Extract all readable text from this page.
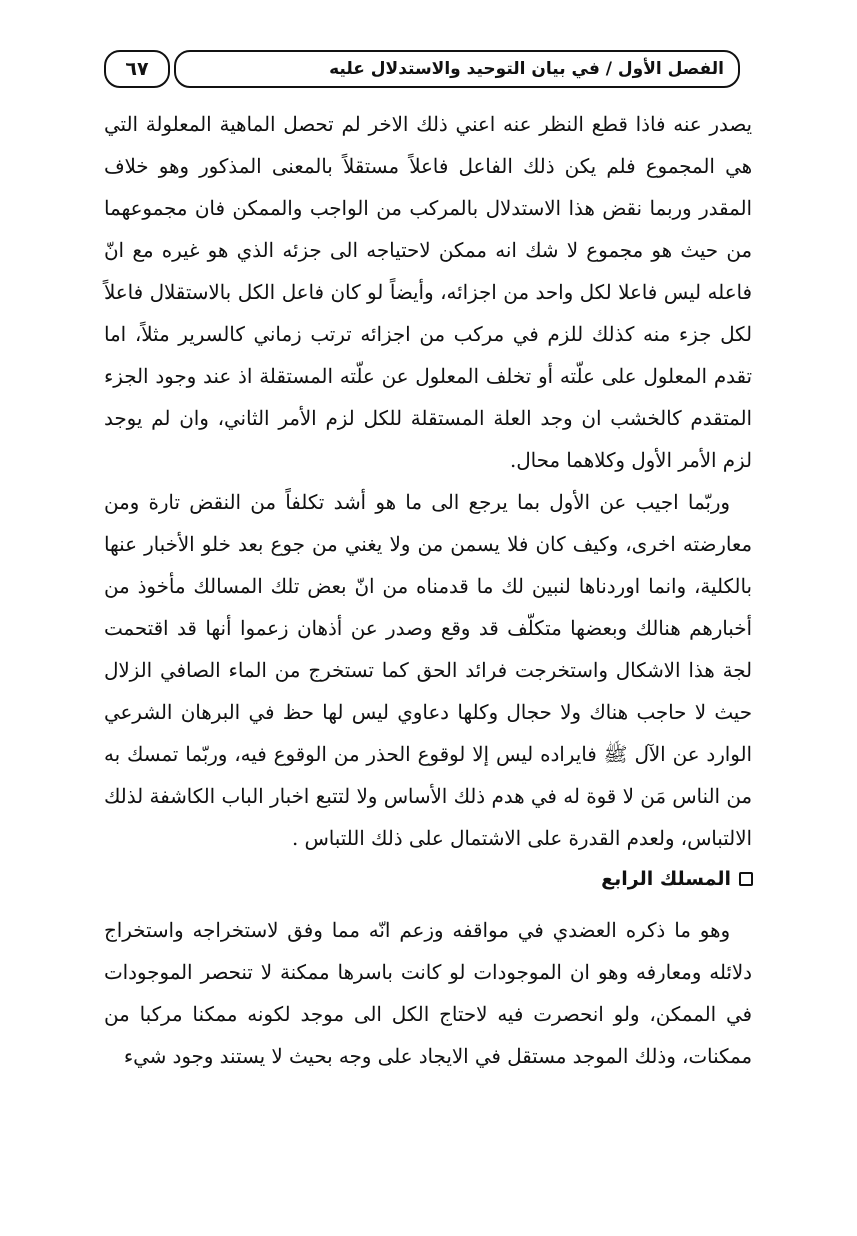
٦٧	الفصل الأول / في بيان التوحيد والاستدلال عليه

يصدر عنه فاذا قطع النظر عنه اعني ذلك الاخر لم تحصل الماهية المعلولة التي هي المجموع فلم يكن ذلك الفاعل فاعلاً مستقلاً بالمعنى المذكور وهو خلاف المقدر وربما نقض هذا الاستدلال بالمركب من الواجب والممكن فان مجموعهما من حيث هو مجموع لا شك انه ممكن لاحتياجه الى جزئه الذي هو غيره مع انّ فاعله ليس فاعلا لكل واحد من اجزائه، وأيضاً لو كان فاعل الكل بالاستقلال فاعلاً لكل جزء منه كذلك للزم في مركب من اجزائه ترتب زماني كالسرير مثلاً، اما تقدم المعلول على علّته أو تخلف المعلول عن علّته المستقلة اذ عند وجود الجزء المتقدم كالخشب ان وجد العلة المستقلة للكل لزم الأمر الثاني، وان لم يوجد لزم الأمر الأول وكلاهما محال.

وربّما اجيب عن الأول بما يرجع الى ما هو أشد تكلفاً من النقض تارة ومن معارضته اخرى، وكيف كان فلا يسمن من ولا يغني من جوع بعد خلو الأخبار عنها بالكلية، وانما اوردناها لنبين لك ما قدمناه من انّ بعض تلك المسالك مأخوذ من أخبارهم هنالك وبعضها متكلّف قد وقع وصدر عن أذهان زعموا أنها قد اقتحمت لجة هذا الاشكال واستخرجت فرائد الحق كما تستخرج من الماء الصافي الزلال حيث لا حاجب هناك ولا حجال وكلها دعاوي ليس لها حظ في البرهان الشرعي الوارد عن الآل ﷺ فايراده ليس إلا لوقوع الحذر من الوقوع فيه، وربّما تمسك به من الناس مَن لا قوة له في هدم ذلك الأساس ولا لتتبع اخبار الباب الكاشفة لذلك الالتباس، ولعدم القدرة على الاشتمال على ذلك اللتباس .

المسلك الرابع

وهو ما ذكره العضدي في مواقفه وزعم انّه مما وفق لاستخراجه واستخراج دلائله ومعارفه وهو ان الموجودات لو كانت باسرها ممكنة لا تنحصر الموجودات في الممكن، ولو انحصرت فيه لاحتاج الكل الى موجد لكونه ممكنا مركبا من ممكنات، وذلك الموجد مستقل في الايجاد على وجه بحيث لا يستند وجود شيء
